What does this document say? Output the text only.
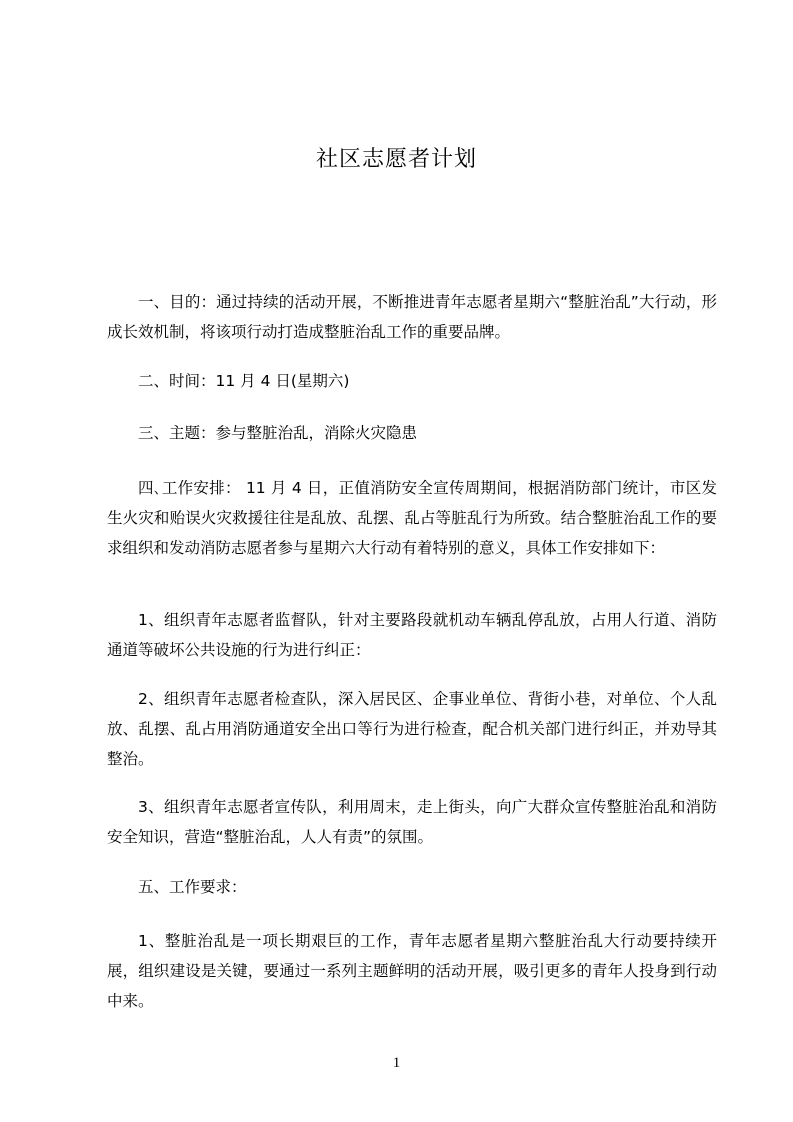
社区志愿者计划

一、目的：通过持续的活动开展，不断推进青年志愿者星期六“整脏治乱”大行动，形成长效机制，将该项行动打造成整脏治乱工作的重要品牌。

二、时间：11 月 4 日(星期六)

三、主题：参与整脏治乱，消除火灾隐患

四､工作安排： 11 月 4 日，正值消防安全宣传周期间，根据消防部门统计，市区发生火灾和贻误火灾救援往往是乱放、乱摆、乱占等脏乱行为所致。结合整脏治乱工作的要求组织和发动消防志愿者参与星期六大行动有着特别的意义，具体工作安排如下：

1、组织青年志愿者监督队，针对主要路段就机动车辆乱停乱放，占用人行道、消防通道等破坏公共设施的行为进行纠正：

2、组织青年志愿者检查队，深入居民区、企事业单位、背街小巷，对单位、个人乱放、乱摆、乱占用消防通道安全出口等行为进行检查，配合机关部门进行纠正，并劝导其整治。

3、组织青年志愿者宣传队，利用周末，走上街头，向广大群众宣传整脏治乱和消防安全知识，营造“整脏治乱，人人有责”的氛围。

五、工作要求：

1、整脏治乱是一项长期艰巨的工作，青年志愿者星期六整脏治乱大行动要持续开展，组织建设是关键，要通过一系列主题鲜明的活动开展，吸引更多的青年人投身到行动中来。

1
